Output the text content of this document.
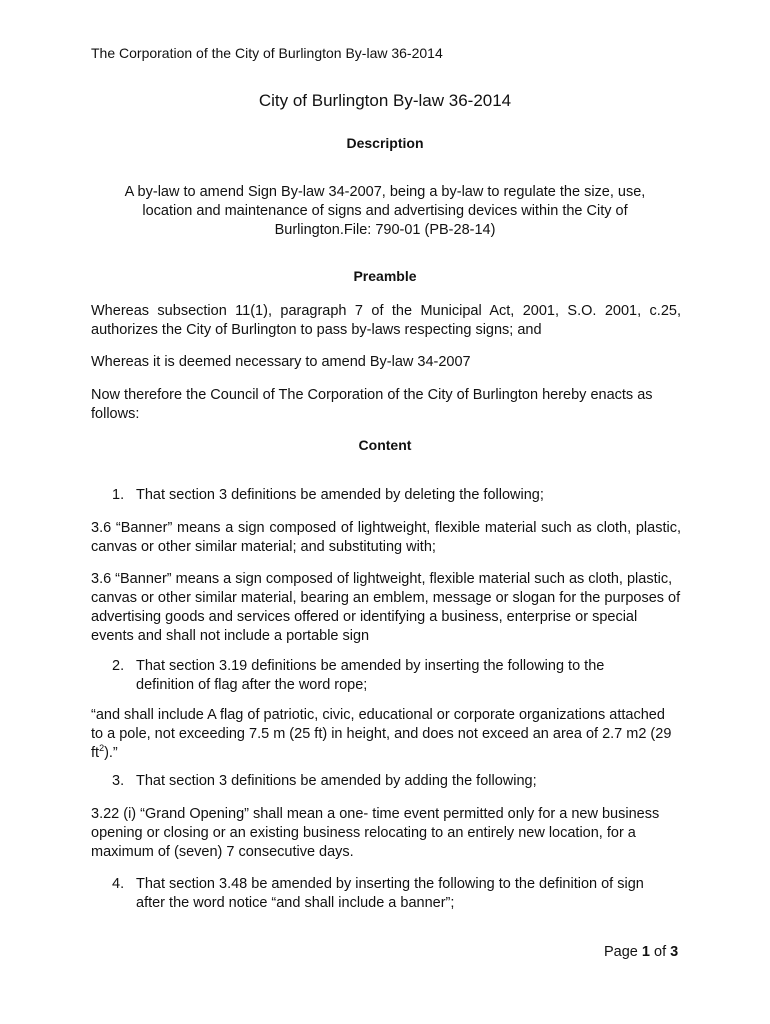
The Corporation of the City of Burlington By-law 36-2014
City of Burlington By-law 36-2014
Description
A by-law to amend Sign By-law 34-2007, being a by-law to regulate the size, use, location and maintenance of signs and advertising devices within the City of Burlington.File: 790-01 (PB-28-14)
Preamble
Whereas subsection 11(1), paragraph 7 of the Municipal Act, 2001, S.O. 2001, c.25, authorizes the City of Burlington to pass by-laws respecting signs; and
Whereas it is deemed necessary to amend By-law 34-2007
Now therefore the Council of The Corporation of the City of Burlington hereby enacts as follows:
Content
1. That section 3 definitions be amended by deleting the following;
3.6 “Banner” means a sign composed of lightweight, flexible material such as cloth, plastic, canvas or other similar material; and substituting with;
3.6 “Banner” means a sign composed of lightweight, flexible material such as cloth, plastic, canvas or other similar material, bearing an emblem, message or slogan for the purposes of advertising goods and services offered or identifying a business, enterprise or special events and shall not include a portable sign
2. That section 3.19 definitions be amended by inserting the following to the
definition of flag after the word rope;
“and shall include A flag of patriotic, civic, educational or corporate organizations attached to a pole, not exceeding 7.5 m (25 ft) in height, and does not exceed an area of 2.7 m2 (29 $ft^2$).”
3. That section 3 definitions be amended by adding the following;
3.22 (i) “Grand Opening” shall mean a one- time event permitted only for a new business opening or closing or an existing business relocating to an entirely new location, for a maximum of (seven) 7 consecutive days.
4. That section 3.48 be amended by inserting the following to the definition of sign
after the word notice “and shall include a banner”;
Page 1 of 3
